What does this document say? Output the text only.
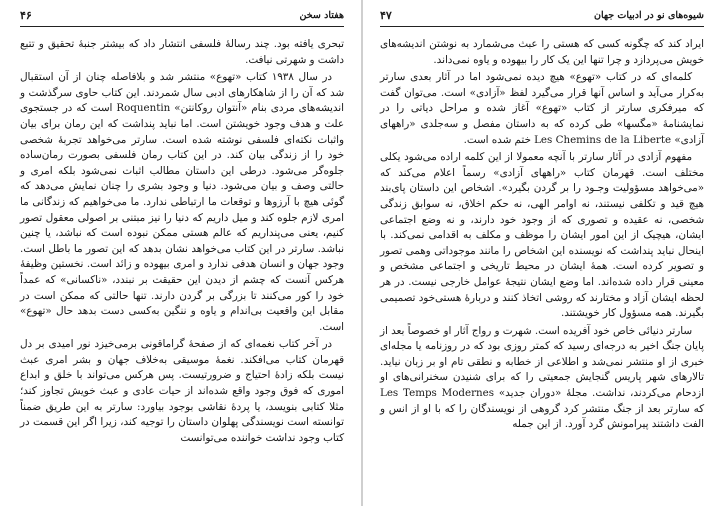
هفتاد سخن
۴۶

تبحری یافته بود. چند رسالهٔ فلسفی انتشار داد که بیشتر جنبهٔ تحقیق و تتبع داشت و شهرتی نیافت.

در سال ۱۹۳۸ کتاب «تهوع» منتشر شد و بلافاصله چنان از آن استقبال شد که آن را از شاهکارهای ادبی سال شمردند. این کتاب حاوی سرگذشت و اندیشه‌های مردی بنام «آنتوان روکانتن» Roquentin است که در جستجوی علت و هدف وجود خویشتن است. اما نباید پنداشت که این رمان برای بیان واثبات نکته‌ای فلسفی نوشته شده است. سارتر می‌خواهد تجربهٔ شخصی خود را از زندگی بیان کند. در این کتاب رمان فلسفی بصورت رمان‌ساده جلوه‌گر می‌شود. درطی این داستان مطالب اثبات نمی‌شود بلکه امری و حالتی وصف و بیان می‌شود. دنیا و وجود بشری را چنان نمایش می‌دهد که گوئی هیچ با آرزوها و توقعات ما ارتباطی ندارد. ما می‌خواهیم که زندگانی ما امری لازم جلوه کند و میل داریم که دنیا را نیز مبتنی بر اصولی معقول تصور کنیم، یعنی می‌پنداریم که عالم هستی ممکن نبوده است که نباشد، یا چنین نباشد. سارتر در این کتاب می‌خواهد نشان بدهد که این تصور ما باطل است. وجود جهان و انسان هدفی ندارد و امری بیهوده و زائد است. نخستین وظیفهٔ هرکس آنست که چشم از دیدن این حقیقت بر نبندد، «ناکسانی» که عمداً خود را کور می‌کنند تا بزرگی بر گردن دارند. تنها حالتی که ممکن است در مقابل این واقعیت بی‌اندام و یاوه و ننگین به‌کسی دست بدهد حال «تهوع» است.

در آخر کتاب نغمه‌ای که از صفحهٔ گراماقونی برمی‌خیزد نور امیدی بر دل قهرمان کتاب می‌افکند. نغمهٔ موسیقی به‌خلاف جهان و بشر امری عبث نیست بلکه زادهٔ احتیاج و ضرورتیست. پس هرکس می‌تواند با خلق و ابداع اموری که فوق وجود واقع شده‌اند از حیات عادی و عبث خویش تجاوز کند؛ مثلا کتابی بنویسد، یا پردهٔ نقاشی بوجود بیاورد: سارتر به این طریق ضمناً توانسته است نویسندگی پهلوان داستان را توجیه کند، زیرا اگر این قسمت در کتاب وجود نداشت خواننده می‌توانست

شیوه‌های نو در ادبیات جهان
۴۷

ایراد کند که چگونه کسی که هستی را عبث می‌شمارد به نوشتن اندیشه‌های خویش می‌پردازد و چرا تنها این یک کار را بیهوده و یاوه نمی‌داند.

کلمه‌ای که در کتاب «تهوع» هیچ دیده نمی‌شود اما در آثار بعدی سارتر به‌کرار می‌آید و اساس آنها قرار می‌گیرد لفظ «آزادی» است. می‌توان گفت که میرفکری سارتر از کتاب «تهوع» آغاز شده و مراحل دیاتی را در نمایشنامهٔ «مگسها» طی کرده که به داستان مفصل و سه‌جلدی «راههای آزادی» Les Chemins de la Liberte ختم شده است.

مفهوم آزادی در آثار سارتر با آنچه معمولا از این کلمه اراده می‌شود یکلی مختلف است. قهرمان کتاب «راههای آزادی» رسماً اعلام می‌کند که «می‌خواهد مسؤولیت وجـود را بر گردن بگیرد». اشخاص این داستان پای‌بند هیچ قید و تکلفی نیستند، نه اوامر الهی، نه حکم اخلاق، نه سوابق زندگی شخصی، نه عقیده و تصوری که از وجود خود دارند، و نه وضع اجتماعی ایشان، هیچیک از این امور ایشان را موظف و مکلف به اقدامی نمی‌کند. با اینحال نباید پنداشت که نویسنده این اشخاص را مانند موجوداتی وهمی تصور و تصویر کرده است. همهٔ ایشان در محیط تاریخی و اجتماعی مشخص و معینی قرار داده شده‌اند. اما وضع ایشان نتیجهٔ عوامل خارجی نیست. در هر لحظه ایشان آزاد و مختارند که روشی اتخاذ کنند و دربارهٔ هستی‌خود تصمیمی بگیرند. همه مسؤول کار خویشتند.

سارتر دنیائی خاص خود آفریده است. شهرت و رواج آثار او خصوصاً بعد از پایان جنگ اخیر به درجه‌ای رسید که کمتر روزی بود که در روزنامه یا مجله‌ای خبری از او منتشر نمی‌شد و اطلاعی از خطابه و نطقی تام او بر زبان نیاید. تالارهای شهر پاریس گنجایش جمعیتی را که برای شنیدن سخنرانی‌های او ازدحام می‌کردند، نداشت. مجلهٔ «دوران جدید» Les Temps Modernes که سارتر بعد از جنگ منتشر کرد گروهی از نویسندگان را که با او از انس و الفت داشتند پیرامونش گرد آورد. از این جمله
